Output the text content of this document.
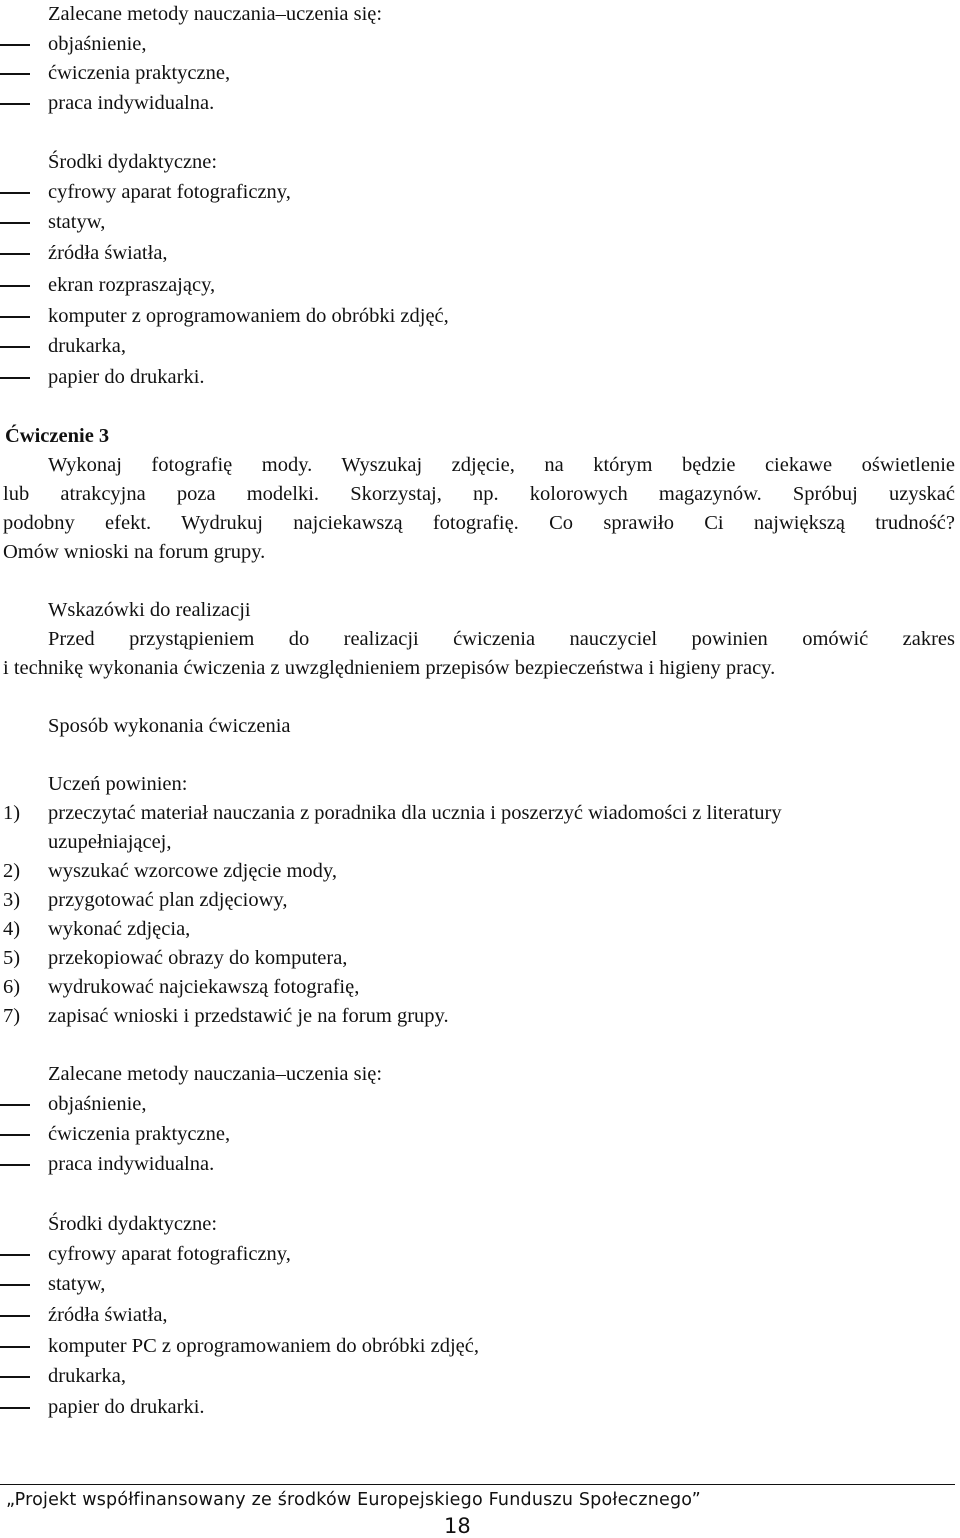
Zalecane metody nauczania–uczenia się:
objaśnienie,
ćwiczenia praktyczne,
praca indywidualna.
Środki dydaktyczne:
cyfrowy aparat fotograficzny,
statyw,
źródła światła,
ekran rozpraszający,
komputer z oprogramowaniem do obróbki zdjęć,
drukarka,
papier do drukarki.
Ćwiczenie 3
Wykonaj fotografię mody. Wyszukaj zdjęcie, na którym będzie ciekawe oświetlenie
lub atrakcyjna poza modelki. Skorzystaj, np. kolorowych magazynów. Spróbuj uzyskać
podobny efekt. Wydrukuj najciekawszą fotografię. Co sprawiło Ci największą trudność?
Omów wnioski na forum grupy.
Wskazówki do realizacji
Przed przystąpieniem do realizacji ćwiczenia nauczyciel powinien omówić zakres
i technikę wykonania ćwiczenia z uwzględnieniem przepisów bezpieczeństwa i higieny pracy.
Sposób wykonania ćwiczenia
Uczeń powinien:
1) przeczytać materiał nauczania z poradnika dla ucznia i poszerzyć wiadomości z literatury
uzupełniającej,
2) wyszukać wzorcowe zdjęcie mody,
3) przygotować plan zdjęciowy,
4) wykonać zdjęcia,
5) przekopiować obrazy do komputera,
6) wydrukować najciekawszą fotografię,
7) zapisać wnioski i przedstawić je na forum grupy.
Zalecane metody nauczania–uczenia się:
objaśnienie,
ćwiczenia praktyczne,
praca indywidualna.
Środki dydaktyczne:
cyfrowy aparat fotograficzny,
statyw,
źródła światła,
komputer PC z oprogramowaniem do obróbki zdjęć,
drukarka,
papier do drukarki.
„Projekt współfinansowany ze środków Europejskiego Funduszu Społecznego”
18
